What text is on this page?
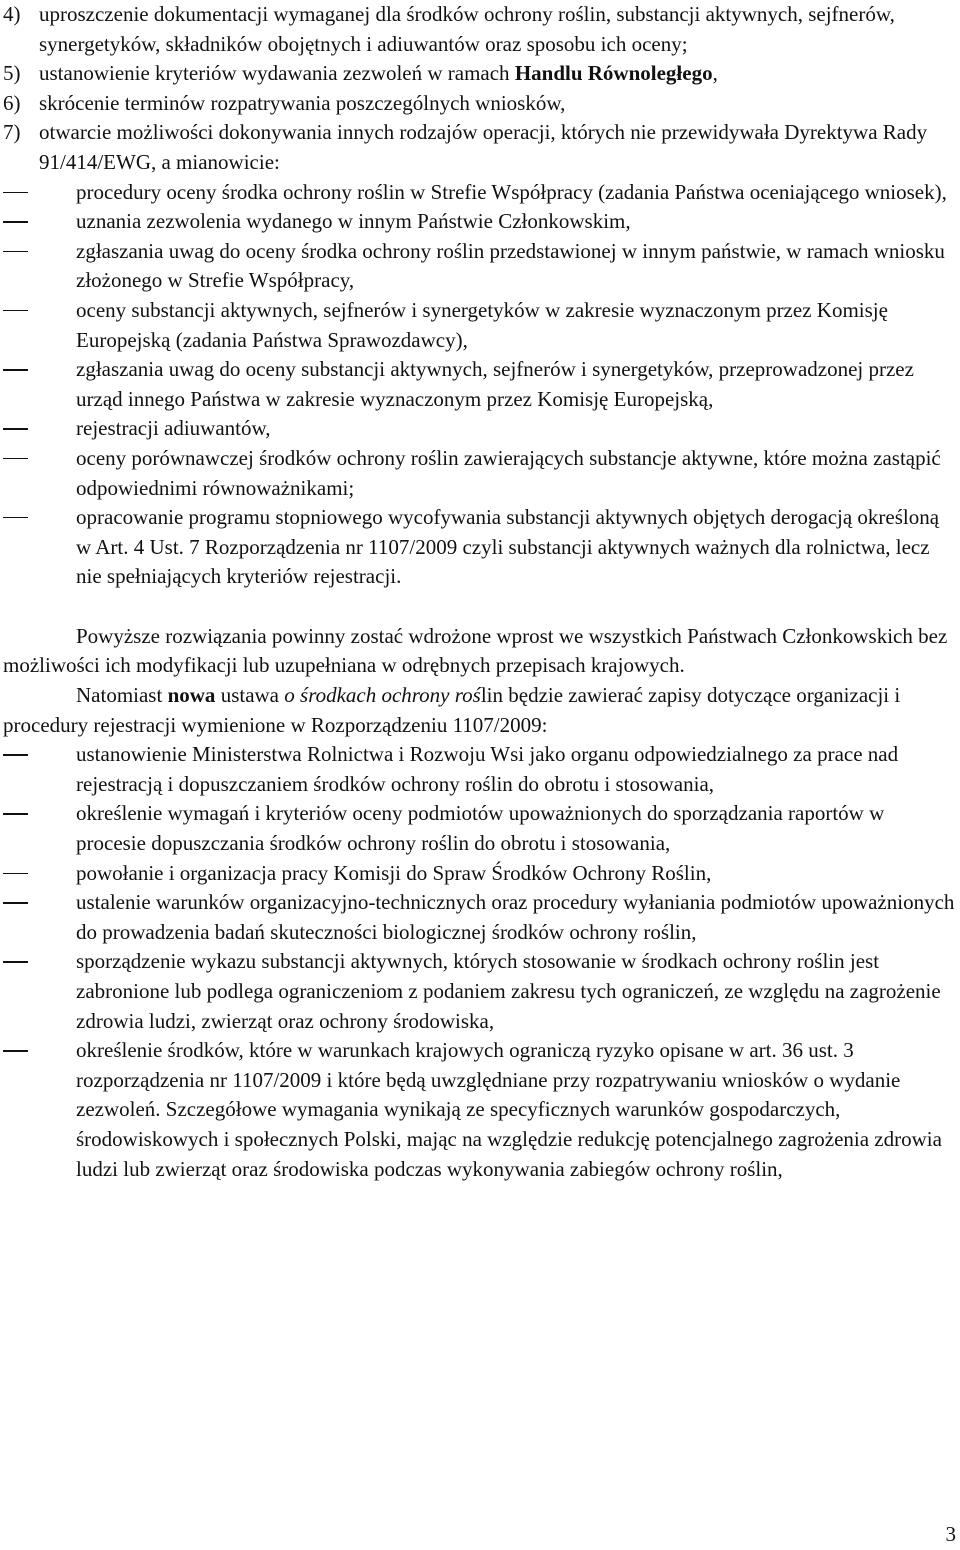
4) uproszczenie dokumentacji wymaganej dla środków ochrony roślin, substancji aktywnych, sejfnerów, synergetyków, składników obojętnych i adiuwantów oraz sposobu ich oceny;

5) ustanowienie kryteriów wydawania zezwoleń w ramach Handlu Równoległego,

6) skrócenie terminów rozpatrywania poszczególnych wniosków,

7) otwarcie możliwości dokonywania innych rodzajów operacji, których nie przewidywała Dyrektywa Rady 91/414/EWG, a mianowicie:

procedury oceny środka ochrony roślin w Strefie Współpracy (zadania Państwa oceniającego wniosek),

uznania zezwolenia wydanego w innym Państwie Członkowskim,

zgłaszania uwag do oceny środka ochrony roślin przedstawionej w innym państwie, w ramach wniosku złożonego w Strefie Współpracy,

oceny substancji aktywnych, sejfnerów i synergetyków w zakresie wyznaczonym przez Komisję Europejską (zadania Państwa Sprawozdawcy),

zgłaszania uwag do oceny substancji aktywnych, sejfnerów i synergetyków, przeprowadzonej przez urząd innego Państwa w zakresie wyznaczonym przez Komisję Europejską,

rejestracji adiuwantów,

oceny porównawczej środków ochrony roślin zawierających substancje aktywne, które można zastąpić odpowiednimi równoważnikami;

opracowanie programu stopniowego wycofywania substancji aktywnych objętych derogacją określoną w Art. 4 Ust. 7 Rozporządzenia nr 1107/2009 czyli substancji aktywnych ważnych dla rolnictwa, lecz nie spełniających kryteriów rejestracji.

Powyższe rozwiązania powinny zostać wdrożone wprost we wszystkich Państwach Członkowskich bez możliwości ich modyfikacji lub uzupełniana w odrębnych przepisach krajowych.

Natomiast nowa ustawa o środkach ochrony roślin będzie zawierać zapisy dotyczące organizacji i procedury rejestracji wymienione w Rozporządzeniu 1107/2009:

ustanowienie Ministerstwa Rolnictwa i Rozwoju Wsi jako organu odpowiedzialnego za prace nad rejestracją i dopuszczaniem środków ochrony roślin do obrotu i stosowania,

określenie wymagań i kryteriów oceny podmiotów upoważnionych do sporządzania raportów w procesie dopuszczania środków ochrony roślin do obrotu i stosowania,

powołanie i organizacja pracy Komisji do Spraw Środków Ochrony Roślin,

ustalenie warunków organizacyjno-technicznych oraz procedury wyłaniania podmiotów upoważnionych do prowadzenia badań skuteczności biologicznej środków ochrony roślin,

sporządzenie wykazu substancji aktywnych, których stosowanie w środkach ochrony roślin jest zabronione lub podlega ograniczeniom z podaniem zakresu tych ograniczeń, ze względu na zagrożenie zdrowia ludzi, zwierząt oraz ochrony środowiska,

określenie środków, które w warunkach krajowych ograniczą ryzyko opisane w art. 36 ust. 3 rozporządzenia nr 1107/2009 i które będą uwzględniane przy rozpatrywaniu wniosków o wydanie zezwoleń. Szczegółowe wymagania wynikają ze specyficznych warunków gospodarczych, środowiskowych i społecznych Polski, mając na względzie redukcję potencjalnego zagrożenia zdrowia ludzi lub zwierząt oraz środowiska podczas wykonywania zabiegów ochrony roślin,

3
